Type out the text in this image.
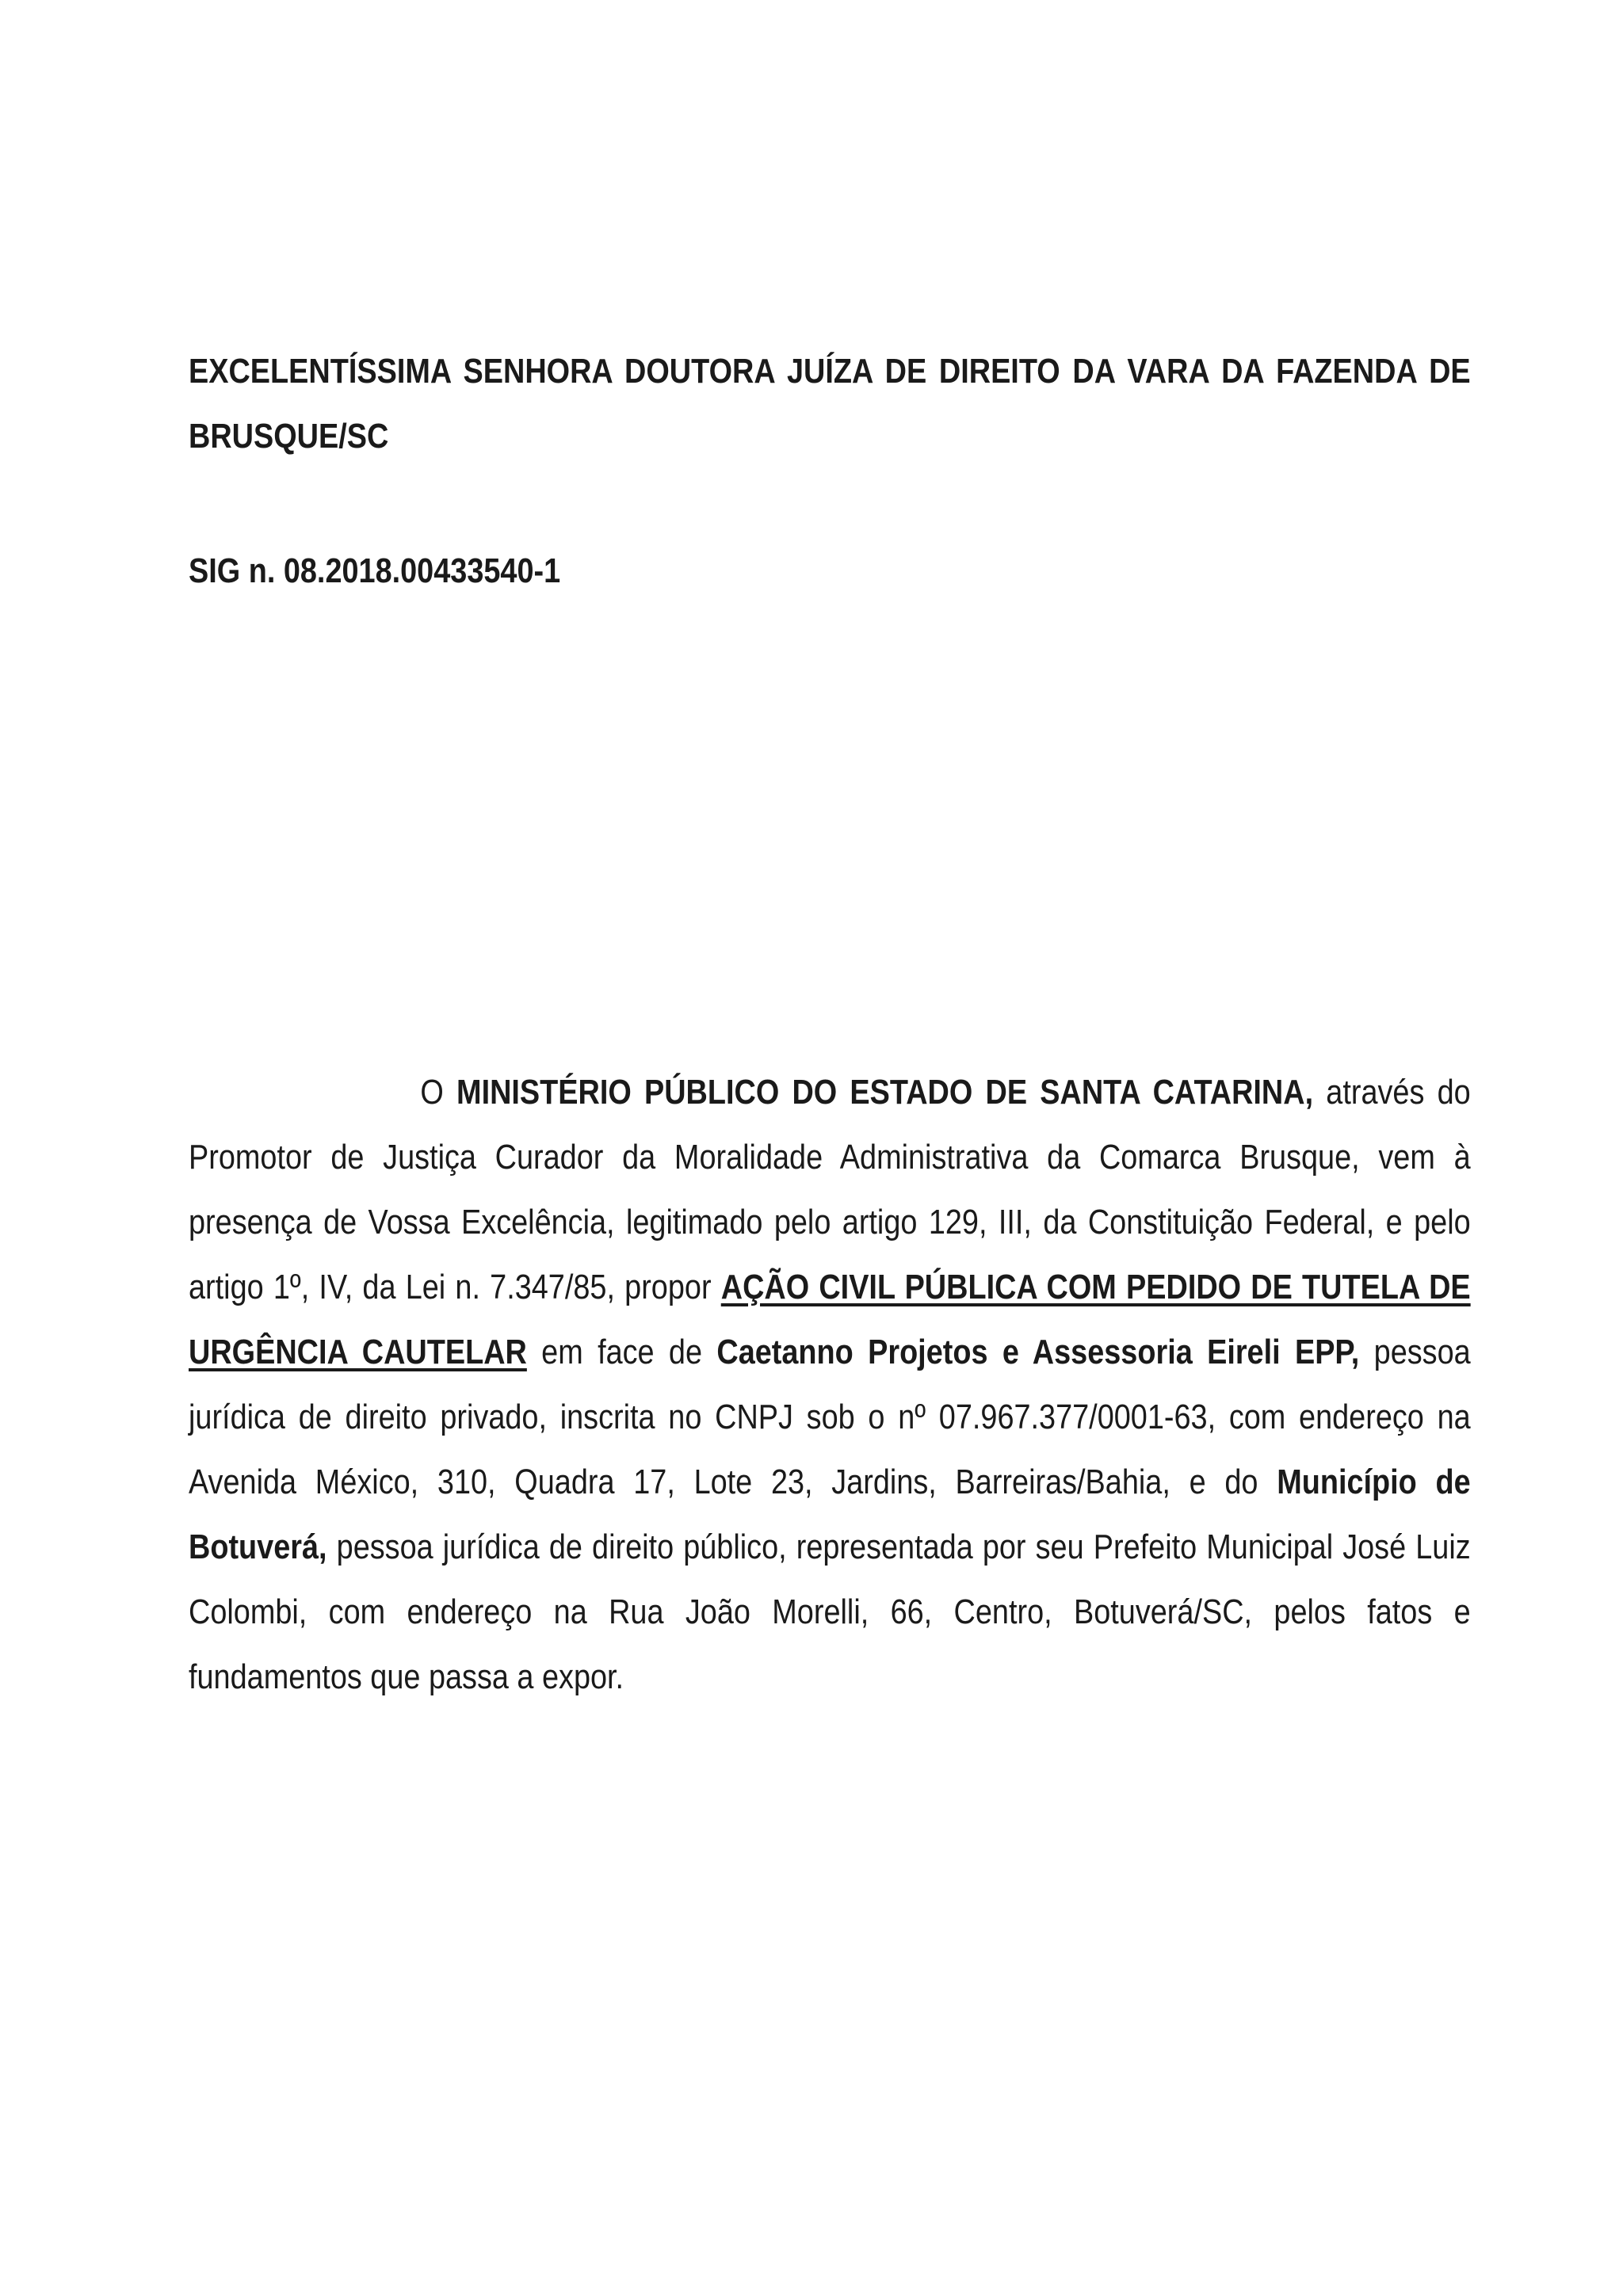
EXCELENTÍSSIMA SENHORA DOUTORA JUÍZA DE DIREITO DA VARA DA FAZENDA DE BRUSQUE/SC
SIG n. 08.2018.00433540-1
O MINISTÉRIO PÚBLICO DO ESTADO DE SANTA CATARINA, através do Promotor de Justiça Curador da Moralidade Administrativa da Comarca Brusque, vem à presença de Vossa Excelência, legitimado pelo artigo 129, III, da Constituição Federal, e pelo artigo 1º, IV, da Lei n. 7.347/85, propor AÇÃO CIVIL PÚBLICA COM PEDIDO DE TUTELA DE URGÊNCIA CAUTELAR em face de Caetanno Projetos e Assessoria Eireli EPP, pessoa jurídica de direito privado, inscrita no CNPJ sob o nº 07.967.377/0001-63, com endereço na Avenida México, 310, Quadra 17, Lote 23, Jardins, Barreiras/Bahia, e do Município de Botuverá, pessoa jurídica de direito público, representada por seu Prefeito Municipal José Luiz Colombi, com endereço na Rua João Morelli, 66, Centro, Botuverá/SC, pelos fatos e fundamentos que passa a expor.
